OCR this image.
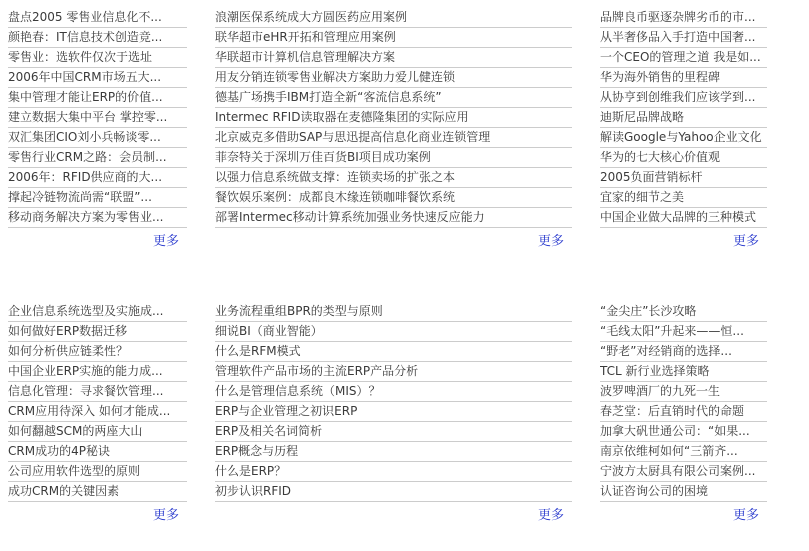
盘点2005 零售业信息化不...
颜艳春：IT信息技术创造竞...
零售业：选软件仅次于选址
2006年中国CRM市场五大...
集中管理才能让ERP的价值...
建立数据大集中平台 掌控零...
双汇集团CIO刘小兵畅谈零...
零售行业CRM之路：会员制...
2006年：RFID供应商的大...
撑起冷链物流尚需“联盟”...
移动商务解决方案为零售业...
更多
浪潮医保系统成大方圆医药应用案例
联华超市eHR开拓和管理应用案例
华联超市计算机信息管理解决方案
用友分销连锁零售业解决方案助力爱儿健连锁
德基广场携手IBM打造全新“客流信息系统”
Intermec RFID读取器在麦德隆集团的实际应用
北京威克多借助SAP与思迅提高信息化商业连锁管理
菲奈特关于深圳万佳百货BI项目成功案例
以强力信息系统做支撑：连锁卖场的扩张之本
餐饮娱乐案例：成都良木缘连锁咖啡餐饮系统
部署Intermec移动计算系统加强业务快速反应能力
更多
品牌良币驱逐杂牌劣币的市...
从半奢侈品入手打造中国奢...
一个CEO的管理之道 我是如...
华为海外销售的里程碑
从协亨到创维我们应该学到...
迪斯尼品牌战略
解读Google与Yahoo企业文化
华为的七大核心价值观
2005负面营销标杆
宜家的细节之美
中国企业做大品牌的三种模式
更多
企业信息系统选型及实施成...
如何做好ERP数据迁移
如何分析供应链柔性？
中国企业ERP实施的能力成...
信息化管理：寻求餐饮管理...
CRM应用待深入 如何才能成...
如何翻越SCM的两座大山
CRM成功的4P秘诀
公司应用软件选型的原则
成功CRM的关键因素
更多
业务流程重组BPR的类型与原则
细说BI（商业智能）
什么是RFM模式
管理软件产品市场的主流ERP产品分析
什么是管理信息系统（MIS）？
ERP与企业管理之初识ERP
ERP及相关名词简析
ERP概念与历程
什么是ERP？
初步认识RFID
更多
“金尖庄”长沙攻略
“毛线太阳”升起来——恒...
“野老”对经销商的选择...
TCL 新行业选择策略
波罗啤酒厂的九死一生
春芝堂：后直销时代的命题
加拿大矾世通公司：“如果...
南京依维柯如何“三箭齐...
宁波方太厨具有限公司案例...
认证咨询公司的困境
更多
